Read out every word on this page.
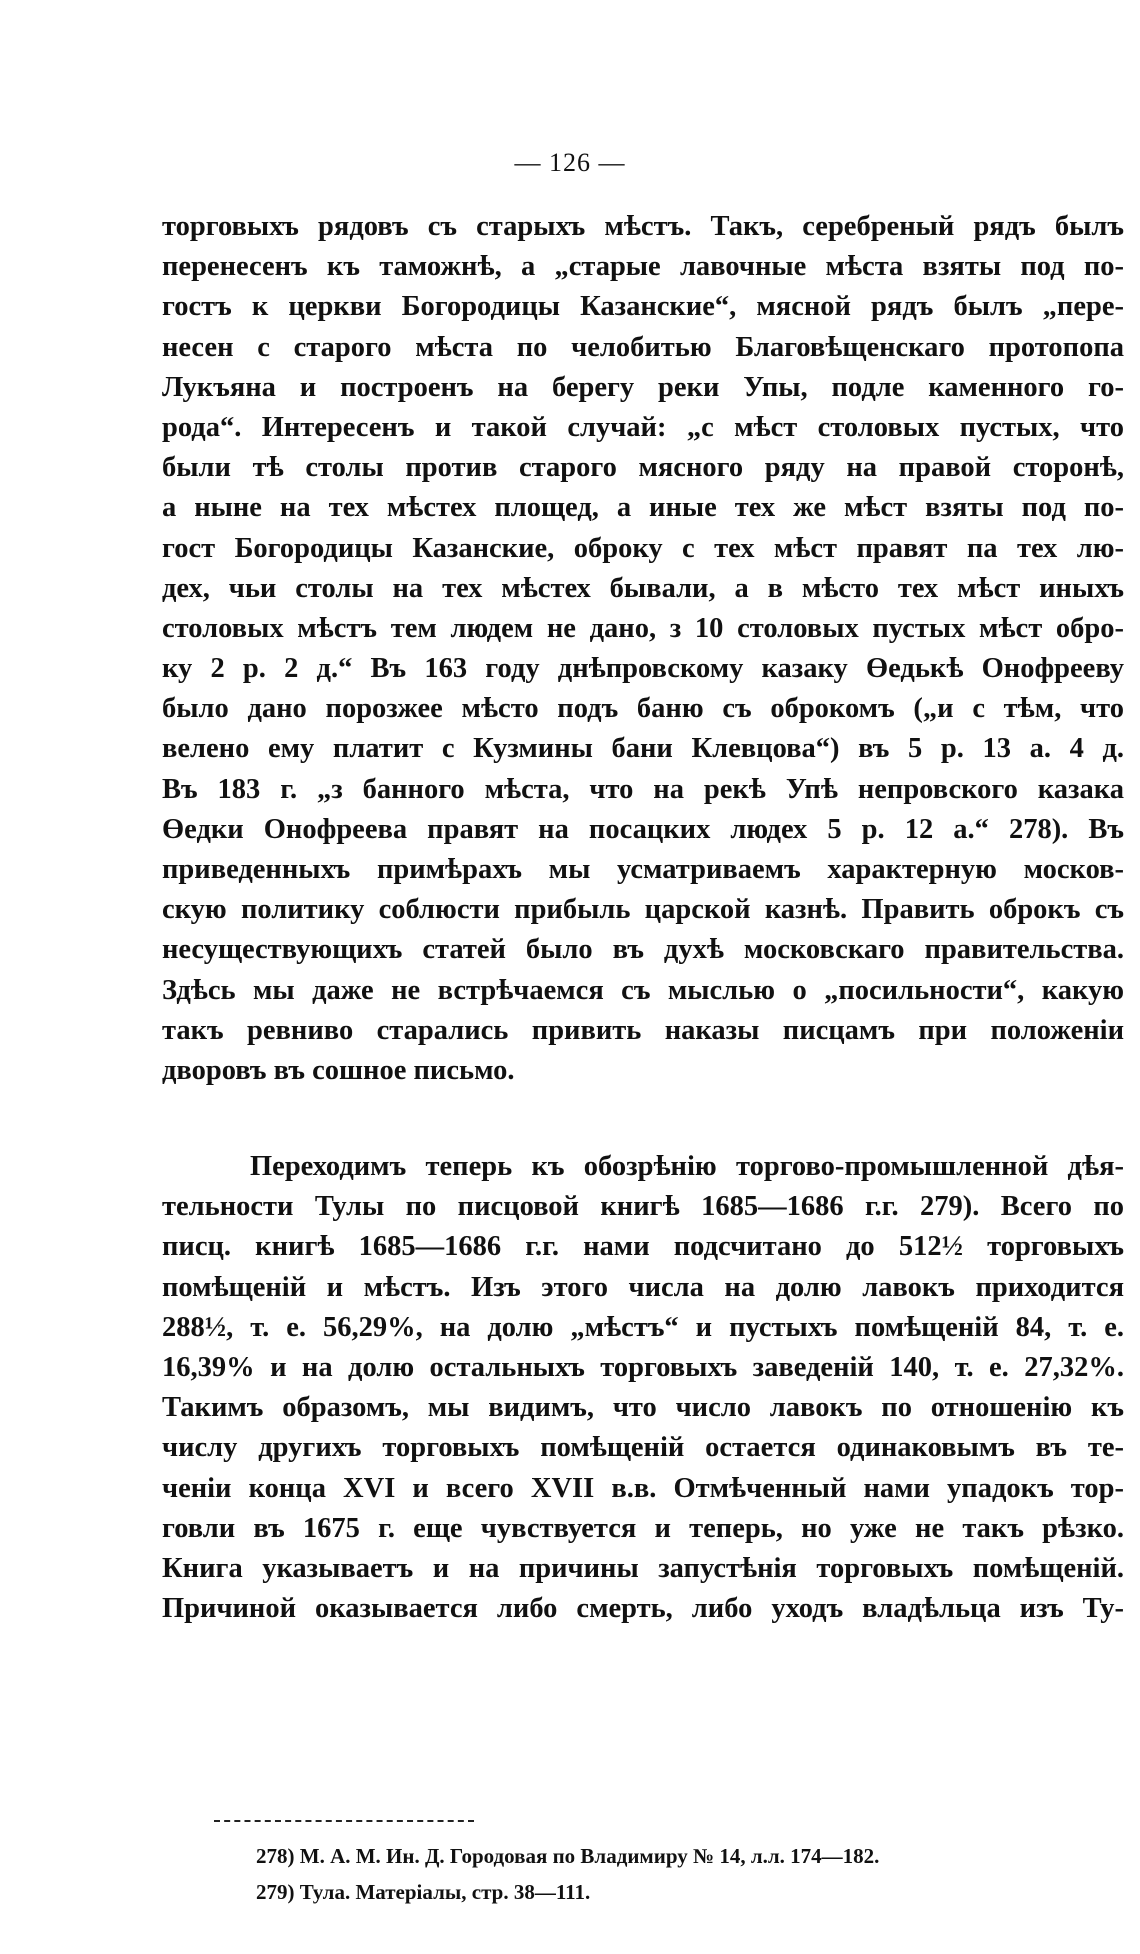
— 126 —
торговыхъ рядовъ съ старыхъ мѣстъ. Такъ, серебреный рядъ былъ
перенесенъ къ таможнѣ, а „старые лавочные мѣста взяты под по-
гостъ к церкви Богородицы Казанские“, мясной рядъ былъ „пере-
несен с старого мѣста по челобитью Благовѣщенскаго протопопа
Лукъяна и построенъ на берегу реки Упы, подле каменного го-
рода“. Интересенъ и такой случай: „с мѣст столовых пустых, что
были тѣ столы против старого мясного ряду на правой сторонѣ,
а ныне на тех мѣстех площед, а иные тех же мѣст взяты под по-
гост Богородицы Казанские, оброку с тех мѣст правят па тех лю-
дех, чьи столы на тех мѣстех бывали, а в мѣсто тех мѣст иныхъ
столовых мѣстъ тем людем не дано, з 10 столовых пустых мѣст обро-
ку 2 р. 2 д.“ Въ 163 году днѣпровскому казаку Өедькѣ Онофрееву
было дано порозжее мѣсто подъ баню съ оброкомъ („и с тѣм, что
велено ему платит с Кузмины бани Клевцова“) въ 5 р. 13 а. 4 д.
Въ 183 г. „з банного мѣста, что на рекѣ Упѣ непровского казака
Өедки Онофреева правят на посацких людех 5 р. 12 а.“ 278). Въ
приведенныхъ примѣрахъ мы усматриваемъ характерную москов-
скую политику соблюсти прибыль царской казнѣ. Править оброкъ съ
несуществующихъ статей было въ духѣ московскаго правительства.
Здѣсь мы даже не встрѣчаемся съ мыслью о „посильности“, какую
такъ ревниво старались привить наказы писцамъ при положеніи
дворовъ въ сошное письмо.
Переходимъ теперь къ обозрѣнію торгово-промышленной дѣя-
тельности Тулы по писцовой книгѣ 1685—1686 г.г. 279). Всего по
писц. книгѣ 1685—1686 г.г. нами подсчитано до 512½ торговыхъ
помѣщеній и мѣстъ. Изъ этого числа на долю лавокъ приходится
288½, т. е. 56,29%, на долю „мѣстъ“ и пустыхъ помѣщеній 84, т. е.
16,39% и на долю остальныхъ торговыхъ заведеній 140, т. е. 27,32%.
Такимъ образомъ, мы видимъ, что число лавокъ по отношенію къ
числу другихъ торговыхъ помѣщеній остается одинаковымъ въ те-
ченіи конца XVI и всего XVII в.в. Отмѣченный нами упадокъ тор-
говли въ 1675 г. еще чувствуется и теперь, но уже не такъ рѣзко.
Книга указываетъ и на причины запустѣнія торговыхъ помѣщеній.
Причиной оказывается либо смерть, либо уходъ владѣльца изъ Ту-
278) М. А. М. Ин. Д. Городовая по Владимиру № 14, л.л. 174—182.
279) Тула. Матеріалы, стр. 38—111.
